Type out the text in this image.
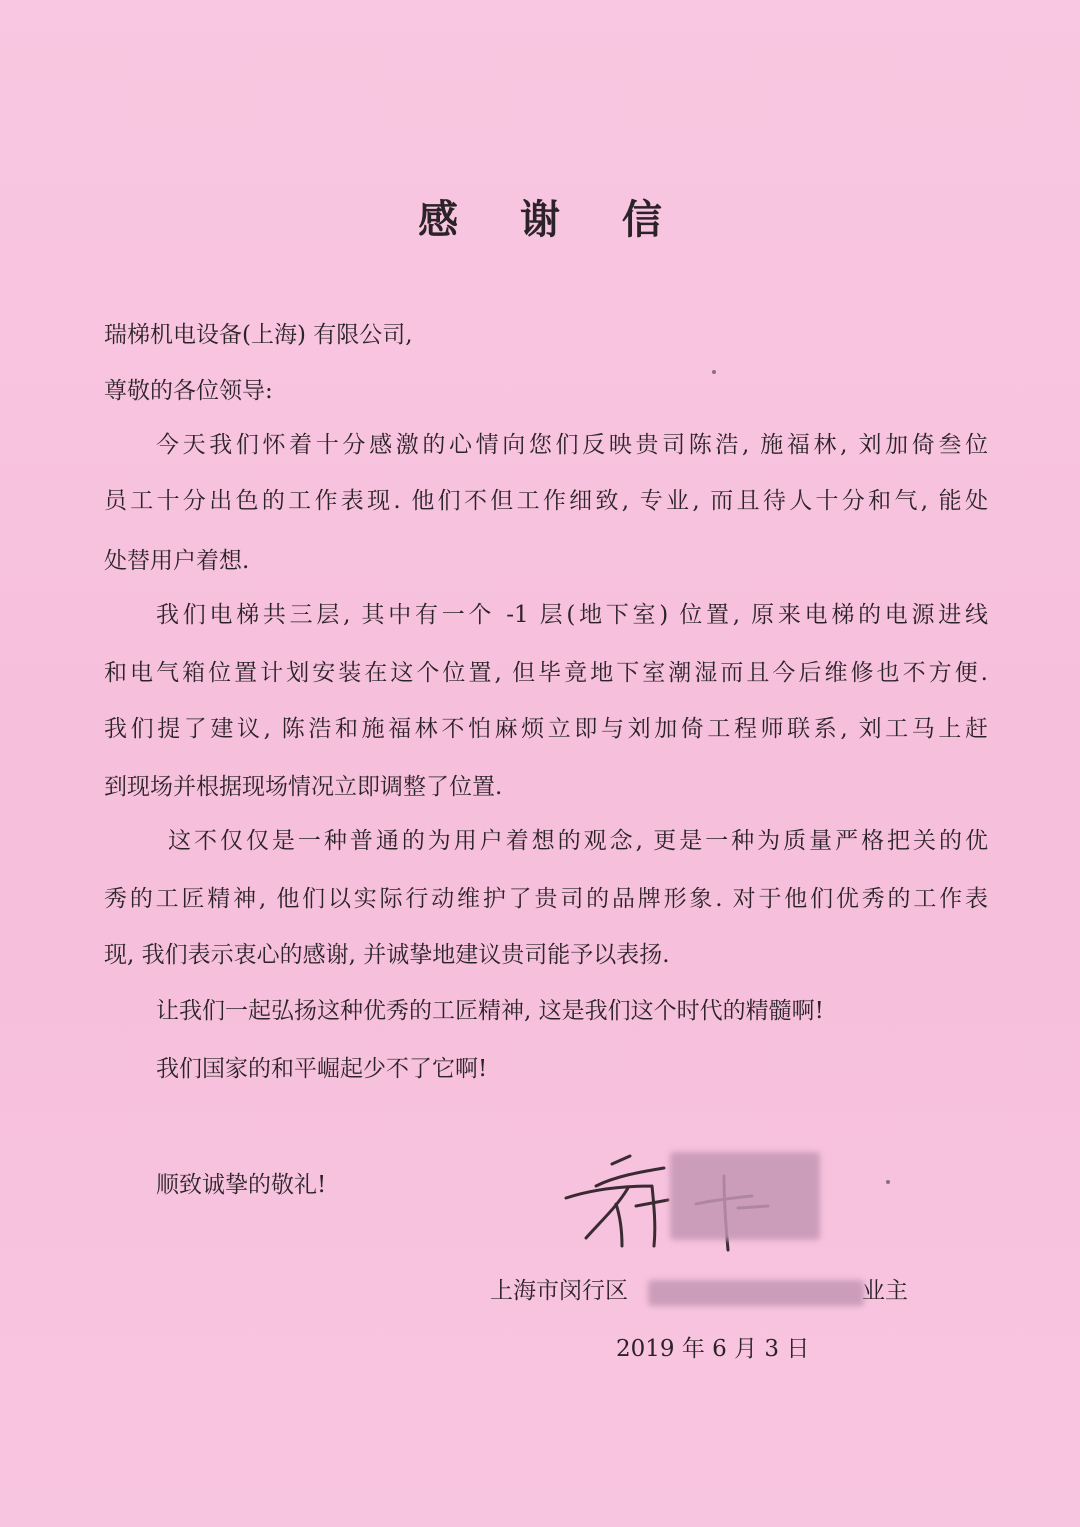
感 谢 信
瑞梯机电设备(上海) 有限公司,
尊敬的各位领导:
今天我们怀着十分感激的心情向您们反映贵司陈浩, 施福林, 刘加倚叁位
员工十分出色的工作表现. 他们不但工作细致, 专业, 而且待人十分和气, 能处
处替用户着想.
我们电梯共三层, 其中有一个 -1 层(地下室) 位置, 原来电梯的电源进线
和电气箱位置计划安装在这个位置, 但毕竟地下室潮湿而且今后维修也不方便.
我们提了建议, 陈浩和施福林不怕麻烦立即与刘加倚工程师联系, 刘工马上赶
到现场并根据现场情况立即调整了位置.
这不仅仅是一种普通的为用户着想的观念, 更是一种为质量严格把关的优
秀的工匠精神, 他们以实际行动维护了贵司的品牌形象. 对于他们优秀的工作表
现, 我们表示衷心的感谢, 并诚挚地建议贵司能予以表扬.
让我们一起弘扬这种优秀的工匠精神, 这是我们这个时代的精髓啊!
我们国家的和平崛起少不了它啊!
顺致诚挚的敬礼!
上海市闵行区	业主
2019 年 6 月 3 日
